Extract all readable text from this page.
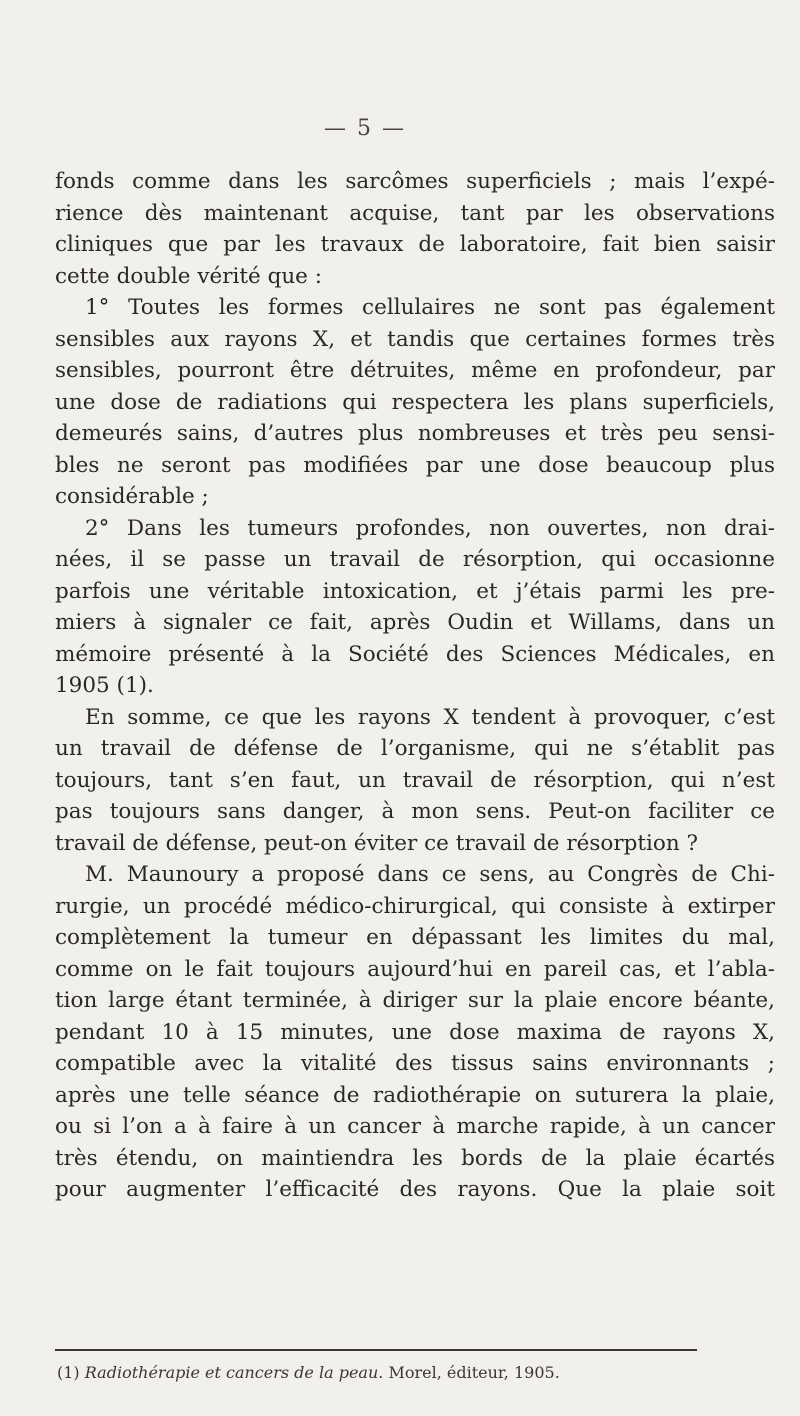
— 5 —
fonds comme dans les sarcômes superficiels ; mais l’expé-
rience dès maintenant acquise, tant par les observations
cliniques que par les travaux de laboratoire, fait bien saisir
cette double vérité que :
1° Toutes les formes cellulaires ne sont pas également
sensibles aux rayons X, et tandis que certaines formes très
sensibles, pourront être détruites, même en profondeur, par
une dose de radiations qui respectera les plans superficiels,
demeurés sains, d’autres plus nombreuses et très peu sensi-
bles ne seront pas modifiées par une dose beaucoup plus
considérable ;
2° Dans les tumeurs profondes, non ouvertes, non drai-
nées, il se passe un travail de résorption, qui occasionne
parfois une véritable intoxication, et j’étais parmi les pre-
miers à signaler ce fait, après Oudin et Willams, dans un
mémoire présenté à la Société des Sciences Médicales, en
1905 (1).
En somme, ce que les rayons X tendent à provoquer, c’est
un travail de défense de l’organisme, qui ne s’établit pas
toujours, tant s’en faut, un travail de résorption, qui n’est
pas toujours sans danger, à mon sens. Peut-on faciliter ce
travail de défense, peut-on éviter ce travail de résorption ?
M. Maunoury a proposé dans ce sens, au Congrès de Chi-
rurgie, un procédé médico-chirurgical, qui consiste à extirper
complètement la tumeur en dépassant les limites du mal,
comme on le fait toujours aujourd’hui en pareil cas, et l’abla-
tion large étant terminée, à diriger sur la plaie encore béante,
pendant 10 à 15 minutes, une dose maxima de rayons X,
compatible avec la vitalité des tissus sains environnants ;
après une telle séance de radiothérapie on suturera la plaie,
ou si l’on a à faire à un cancer à marche rapide, à un cancer
très étendu, on maintiendra les bords de la plaie écartés
pour augmenter l’efficacité des rayons. Que la plaie soit
(1) Radiothérapie et cancers de la peau. Morel, éditeur, 1905.
